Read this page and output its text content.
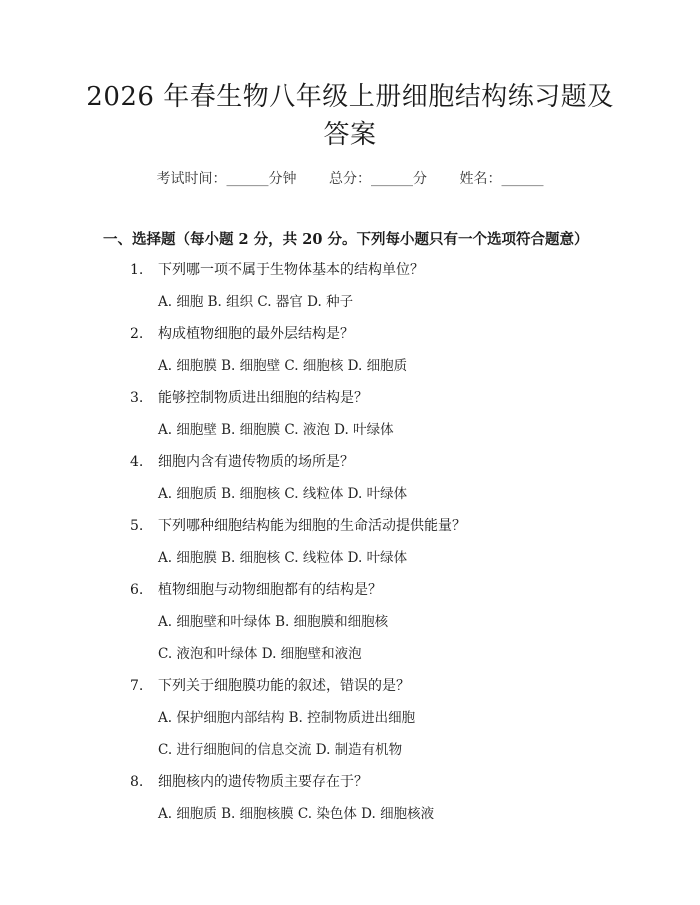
2026 年春生物八年级上册细胞结构练习题及
答案
考试时间：______分钟 总分：______分 姓名：______
一、选择题（每小题 2 分，共 20 分。下列每小题只有一个选项符合题意）
1. 下列哪一项不属于生物体基本的结构单位？
A. 细胞 B. 组织 C. 器官 D. 种子
2. 构成植物细胞的最外层结构是？
A. 细胞膜 B. 细胞壁 C. 细胞核 D. 细胞质
3. 能够控制物质进出细胞的结构是？
A. 细胞壁 B. 细胞膜 C. 液泡 D. 叶绿体
4. 细胞内含有遗传物质的场所是？
A. 细胞质 B. 细胞核 C. 线粒体 D. 叶绿体
5. 下列哪种细胞结构能为细胞的生命活动提供能量？
A. 细胞膜 B. 细胞核 C. 线粒体 D. 叶绿体
6. 植物细胞与动物细胞都有的结构是？
A. 细胞壁和叶绿体 B. 细胞膜和细胞核
C. 液泡和叶绿体 D. 细胞壁和液泡
7. 下列关于细胞膜功能的叙述，错误的是？
A. 保护细胞内部结构 B. 控制物质进出细胞
C. 进行细胞间的信息交流 D. 制造有机物
8. 细胞核内的遗传物质主要存在于？
A. 细胞质 B. 细胞核膜 C. 染色体 D. 细胞核液
